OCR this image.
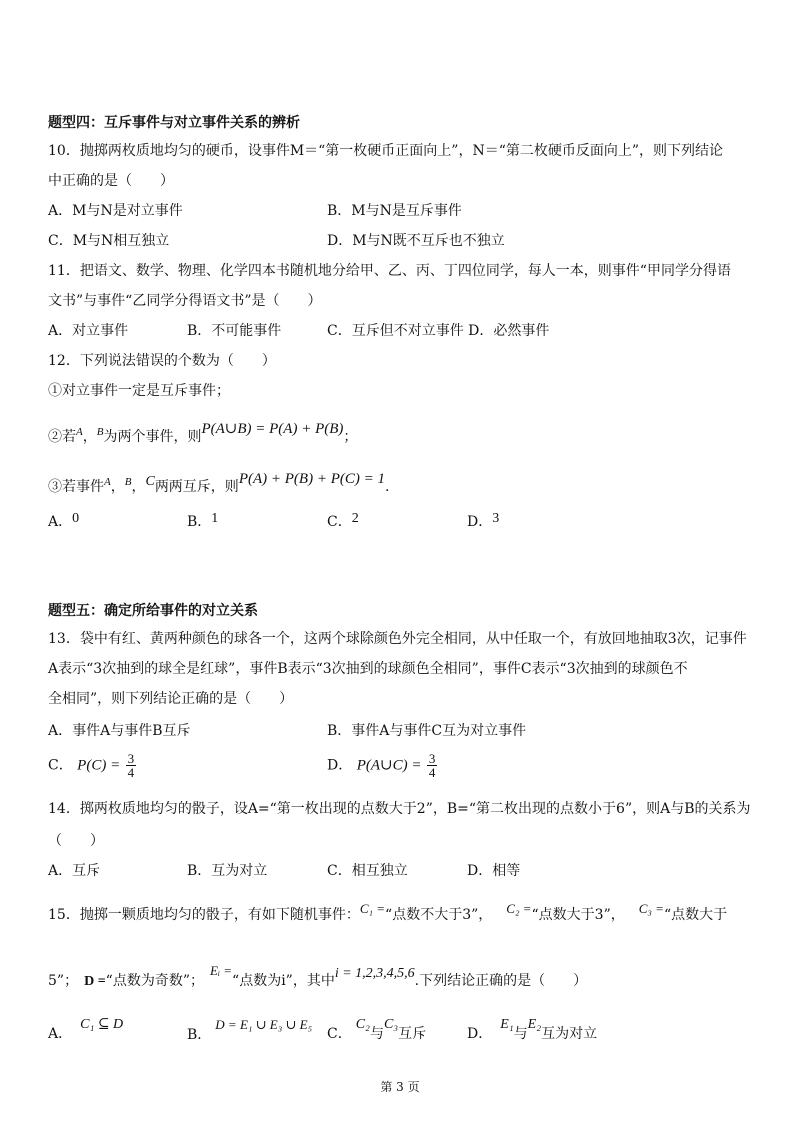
题型四：互斥事件与对立事件关系的辨析
10．抛掷两枚质地均匀的硬币，设事件M＝“第一枚硬币正面向上”，N＝“第二枚硬币反面向上”，则下列结论
中正确的是（　　）
A．M与N是对立事件	B．M与N是互斥事件
C．M与N相互独立	D．M与N既不互斥也不独立
11．把语文、数学、物理、化学四本书随机地分给甲、乙、丙、丁四位同学，每人一本，则事件“甲同学分得语
文书”与事件“乙同学分得语文书”是（　　）
A．对立事件	B．不可能事件	C．互斥但不对立事件 D．必然事件
12．下列说法错误的个数为（　　）
①对立事件一定是互斥事件；
②若$^A$，$^B$为两个事件，则P(A∪B) = P(A) + P(B)；
③若事件$^A$，$^B$，C两两互斥，则P(A) + P(B) + P(C) = 1.
A．0	B．1	C．2	D．3
题型五：确定所给事件的对立关系
13．袋中有红、黄两种颜色的球各一个，这两个球除颜色外完全相同，从中任取一个，有放回地抽取3次，记事件
A表示“3次抽到的球全是红球”，事件B表示“3次抽到的球颜色全相同”，事件C表示“3次抽到的球颜色不
全相同”，则下列结论正确的是（　　）
A．事件A与事件B互斥	B．事件A与事件C互为对立事件
C． $P(C) = \frac{3}{4}$	D． P(A∪C) = $\frac{3}{4}$
14．掷两枚质地均匀的骰子，设A=“第一枚出现的点数大于2”，B=“第二枚出现的点数小于6”，则A与B的关系为
（　　）
A．互斥	B．互为对立	C．相互独立	D．相等
15．抛掷一颗质地均匀的骰子，有如下随机事件：C₁ =“点数不大于3”， C₂ =“点数大于3”， C₃ =“点数大于
5”； D =“点数为奇数”；Eᵢ =“点数为i”，其中i = 1,2,3,4,5,6.下列结论正确的是（　　）
A．C₁ ⊆ D
B．D = E₁ ∪ E₃ ∪ E₅
C．C₂与C₃互斥	D．E₁与E₂互为对立
第 3 页
